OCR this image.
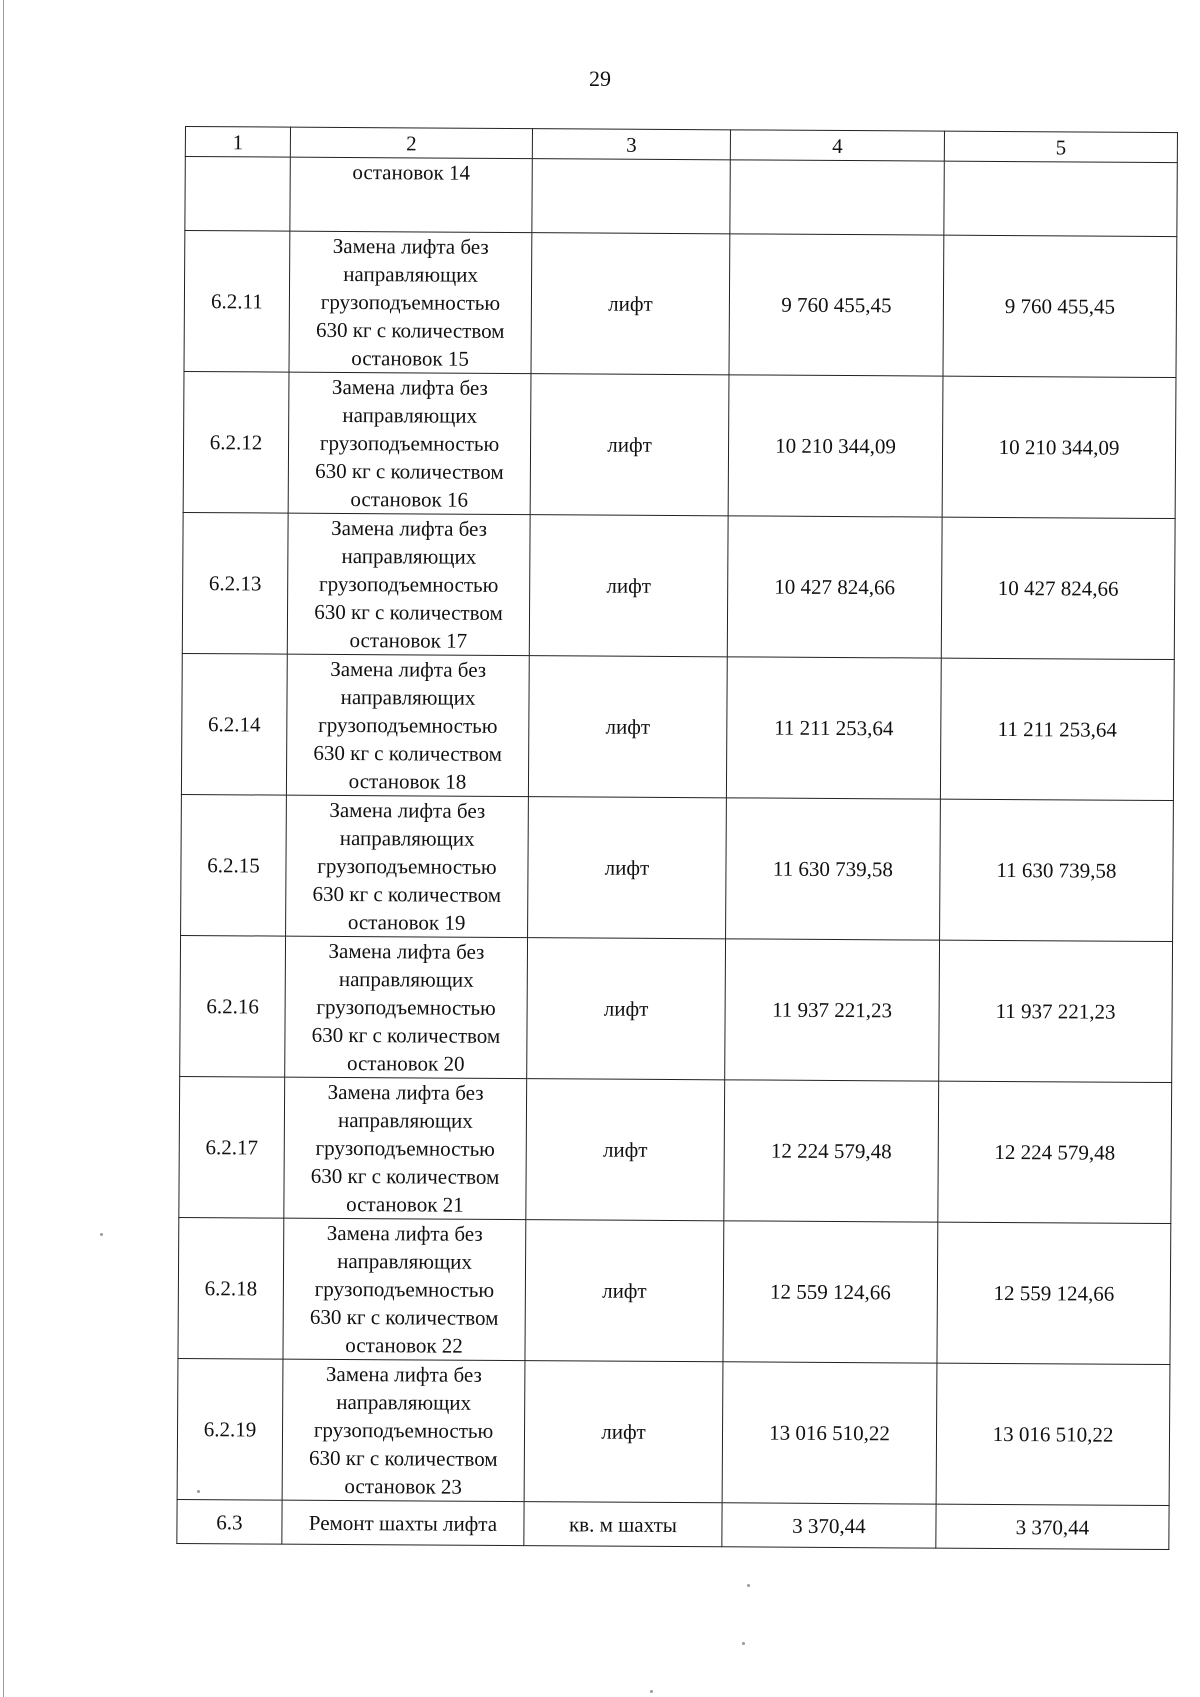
29
1	2	3	4	5
	остановок 14			
6.2.11	Замена лифта без
направляющих
грузоподъемностью
630 кг с количеством
остановок 15	лифт	9 760 455,45	9 760 455,45
6.2.12	Замена лифта без
направляющих
грузоподъемностью
630 кг с количеством
остановок 16	лифт	10 210 344,09	10 210 344,09
6.2.13	Замена лифта без
направляющих
грузоподъемностью
630 кг с количеством
остановок 17	лифт	10 427 824,66	10 427 824,66
6.2.14	Замена лифта без
направляющих
грузоподъемностью
630 кг с количеством
остановок 18	лифт	11 211 253,64	11 211 253,64
6.2.15	Замена лифта без
направляющих
грузоподъемностью
630 кг с количеством
остановок 19	лифт	11 630 739,58	11 630 739,58
6.2.16	Замена лифта без
направляющих
грузоподъемностью
630 кг с количеством
остановок 20	лифт	11 937 221,23	11 937 221,23
6.2.17	Замена лифта без
направляющих
грузоподъемностью
630 кг с количеством
остановок 21	лифт	12 224 579,48	12 224 579,48
6.2.18	Замена лифта без
направляющих
грузоподъемностью
630 кг с количеством
остановок 22	лифт	12 559 124,66	12 559 124,66
6.2.19	Замена лифта без
направляющих
грузоподъемностью
630 кг с количеством
остановок 23	лифт	13 016 510,22	13 016 510,22
6.3	Ремонт шахты лифта	кв. м шахты	3 370,44	3 370,44
